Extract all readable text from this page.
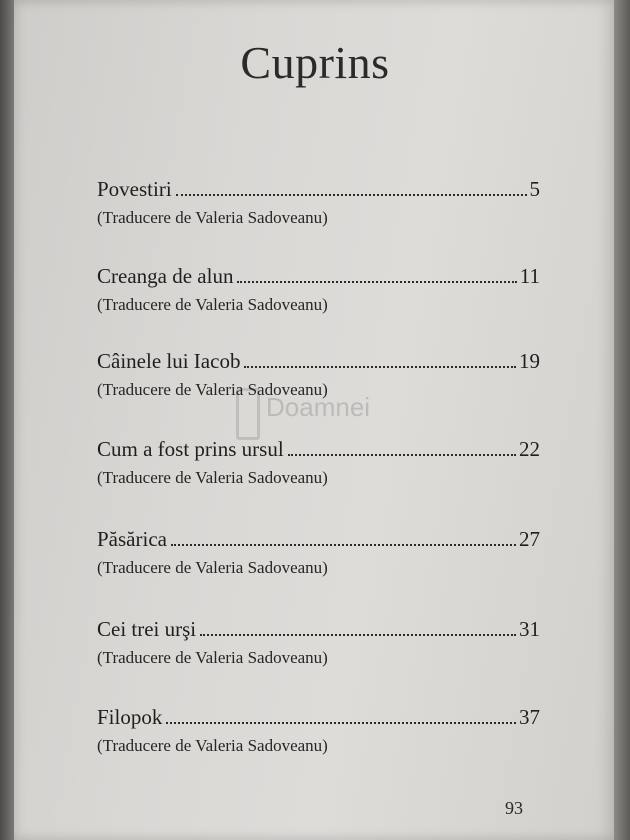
Doamnei
Cuprins
Povestiri	5
(Traducere de Valeria Sadoveanu)
Creanga de alun	11
(Traducere de Valeria Sadoveanu)
Câinele lui Iacob	19
(Traducere de Valeria Sadoveanu)
Cum a fost prins ursul	22
(Traducere de Valeria Sadoveanu)
Păsărica	27
(Traducere de Valeria Sadoveanu)
Cei trei urşi	31
(Traducere de Valeria Sadoveanu)
Filopok	37
(Traducere de Valeria Sadoveanu)
93
